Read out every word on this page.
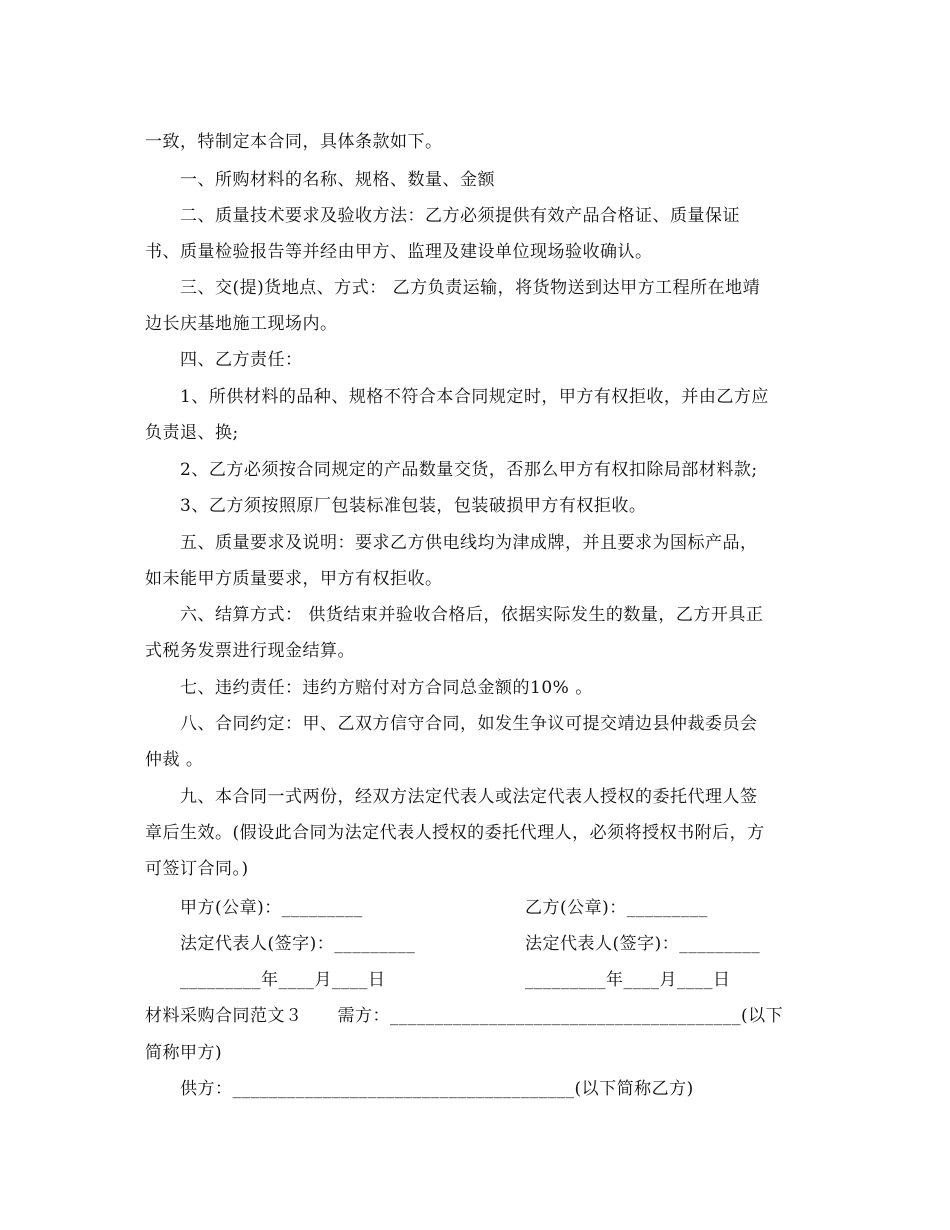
一致，特制定本合同，具体条款如下。
一、所购材料的名称、规格、数量、金额
二、质量技术要求及验收方法：乙方必须提供有效产品合格证、质量保证
书、质量检验报告等并经由甲方、监理及建设单位现场验收确认。
三、交(提)货地点、方式： 乙方负责运输，将货物送到达甲方工程所在地靖
边长庆基地施工现场内。
四、乙方责任：
1、所供材料的品种、规格不符合本合同规定时，甲方有权拒收，并由乙方应
负责退、换;
2、乙方必须按合同规定的产品数量交货，否那么甲方有权扣除局部材料款;
3、乙方须按照原厂包装标准包装，包装破损甲方有权拒收。
五、质量要求及说明：要求乙方供电线均为津成牌，并且要求为国标产品，
如未能甲方质量要求，甲方有权拒收。
六、结算方式： 供货结束并验收合格后，依据实际发生的数量，乙方开具正
式税务发票进行现金结算。
七、违约责任：违约方赔付对方合同总金额的10% 。
八、合同约定：甲、乙双方信守合同，如发生争议可提交靖边县仲裁委员会
仲裁 。
九、本合同一式两份，经双方法定代表人或法定代表人授权的委托代理人签
章后生效。(假设此合同为法定代表人授权的委托代理人，必须将授权书附后，方
可签订合同。)
甲方(公章)：_________	乙方(公章)：_________
法定代表人(签字)：_________	法定代表人(签字)：_________
_________年____月____日	_________年____月____日
材料采购合同范文３　　需方：_______________________________________(以下
简称甲方)
供方：______________________________________(以下简称乙方)
